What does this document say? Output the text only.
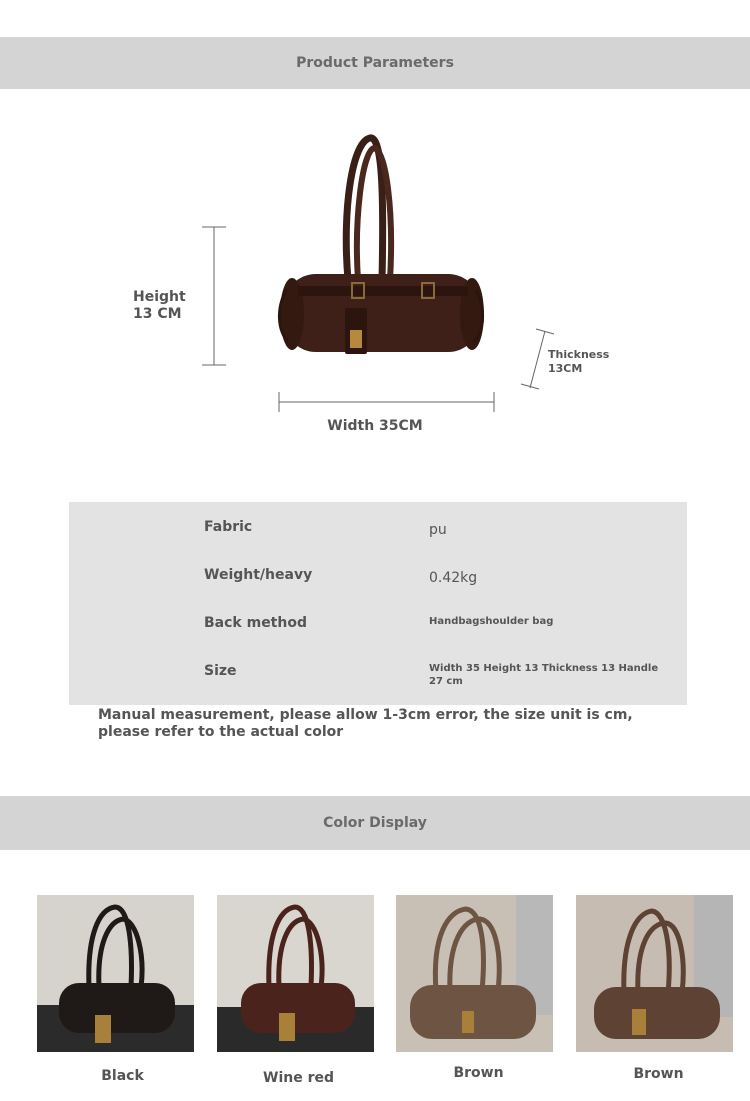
Product Parameters
Height 13 CM
Width 35CM
Thickness 13CM
Fabric	pu
Weight/heavy	0.42kg
Back method	Handbagshoulder bag
Size	Width 35 Height 13 Thickness 13 Handle 27 cm
Manual measurement, please allow 1-3cm error, the size unit is cm, please refer to the actual color
Color Display
Black	Wine red	Brown	Brown
